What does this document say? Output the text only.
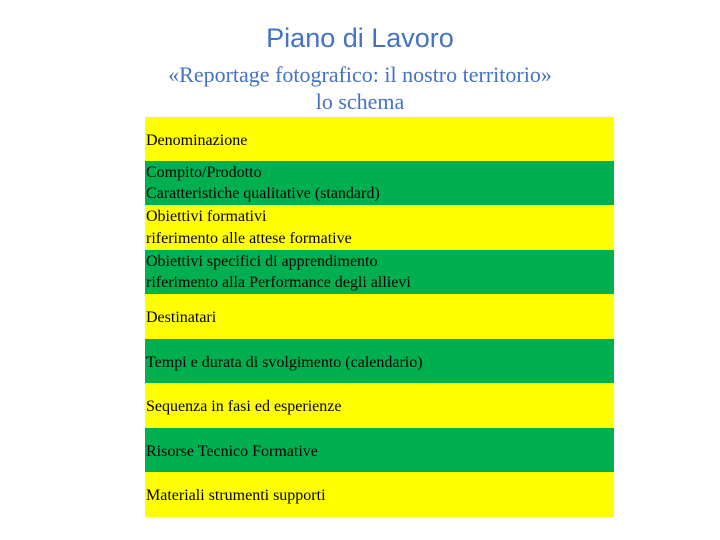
Piano di Lavoro
«Reportage fotografico: il nostro territorio»
lo schema
Denominazione
Compito/Prodotto
Caratteristiche qualitative (standard)
Obiettivi formativi
riferimento alle attese formative
Obiettivi specifici di apprendimento
riferimento alla Performance degli allievi
Destinatari
Tempi e durata di svolgimento (calendario)
Sequenza in fasi ed esperienze
Risorse Tecnico Formative
Materiali strumenti supporti
